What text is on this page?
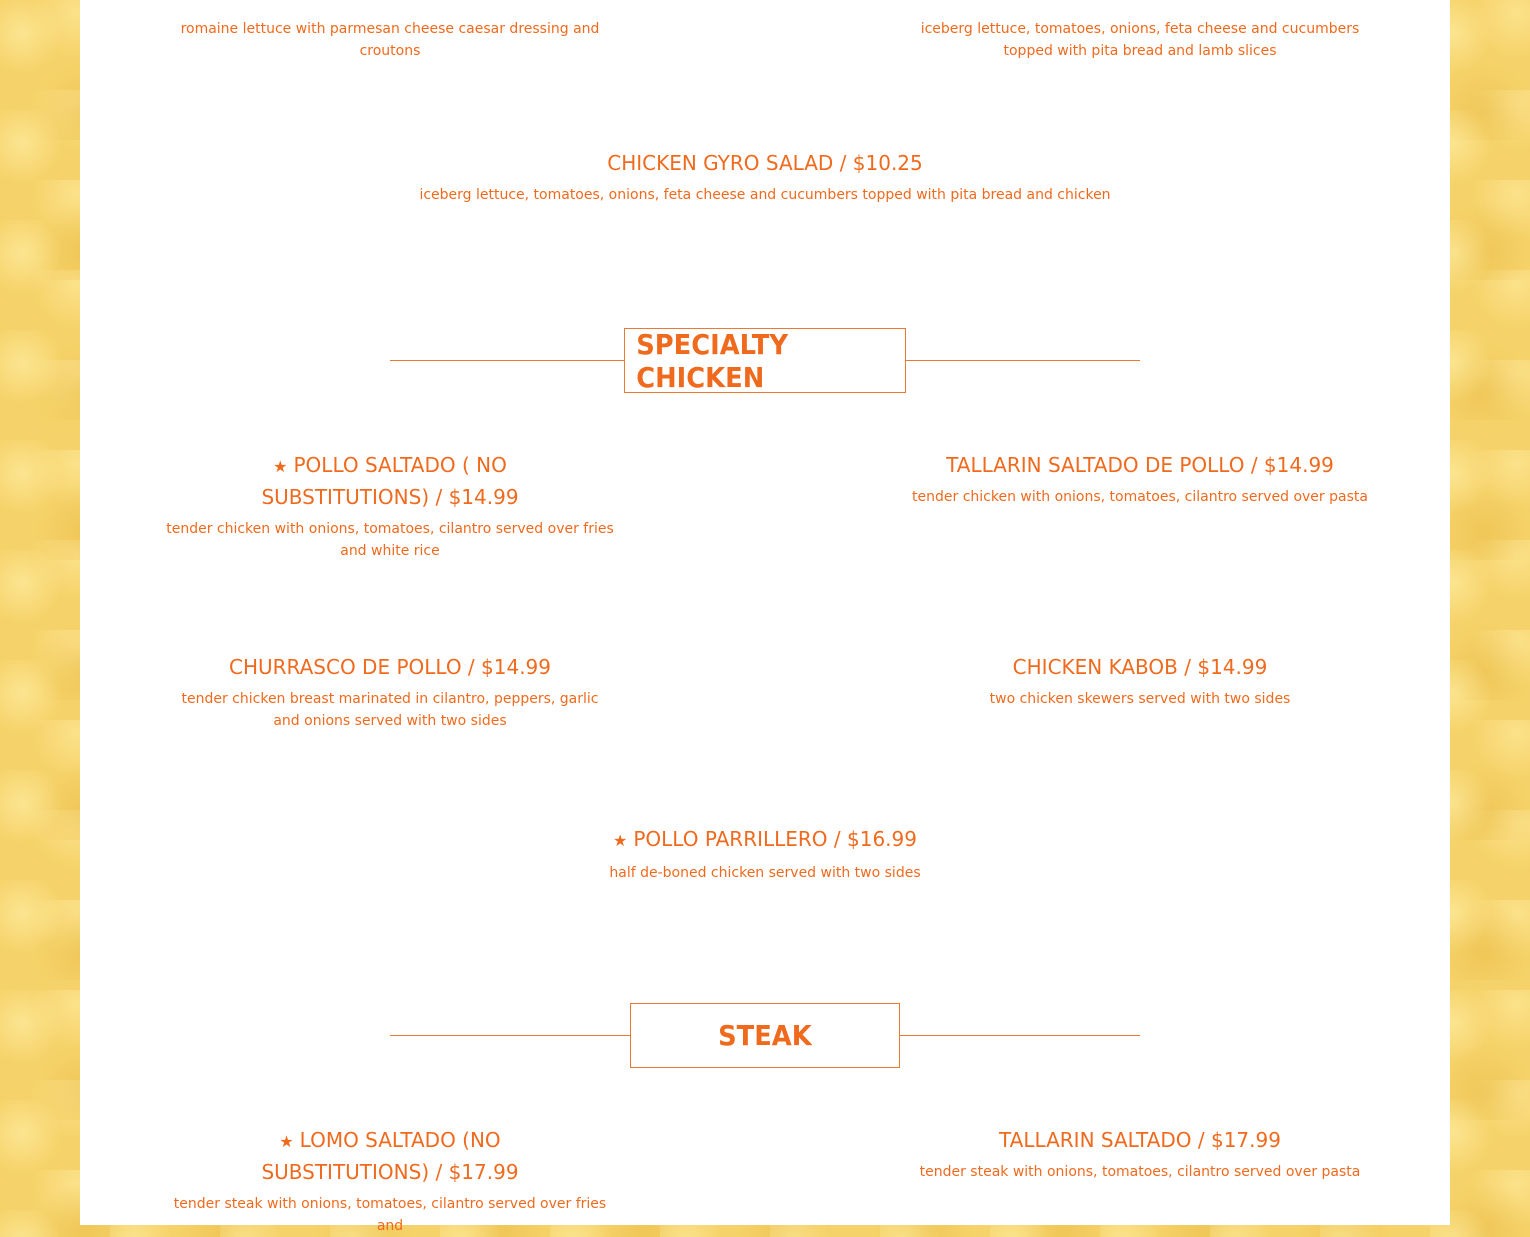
romaine lettuce with parmesan cheese caesar dressing and croutons

iceberg lettuce, tomatoes, onions, feta cheese and cucumbers topped with pita bread and lamb slices

CHICKEN GYRO SALAD / $10.25

iceberg lettuce, tomatoes, onions, feta cheese and cucumbers topped with pita bread and chicken

SPECIALTY CHICKEN

★ POLLO SALTADO ( NO SUBSTITUTIONS) / $14.99

tender chicken with onions, tomatoes, cilantro served over fries and white rice

TALLARIN SALTADO DE POLLO / $14.99

tender chicken with onions, tomatoes, cilantro served over pasta

CHURRASCO DE POLLO / $14.99

tender chicken breast marinated in cilantro, peppers, garlic and onions served with two sides

CHICKEN KABOB / $14.99

two chicken skewers served with two sides

★ POLLO PARRILLERO / $16.99

half de-boned chicken served with two sides

STEAK

★ LOMO SALTADO (NO SUBSTITUTIONS) / $17.99

tender steak with onions, tomatoes, cilantro served over fries and

TALLARIN SALTADO / $17.99

tender steak with onions, tomatoes, cilantro served over pasta
